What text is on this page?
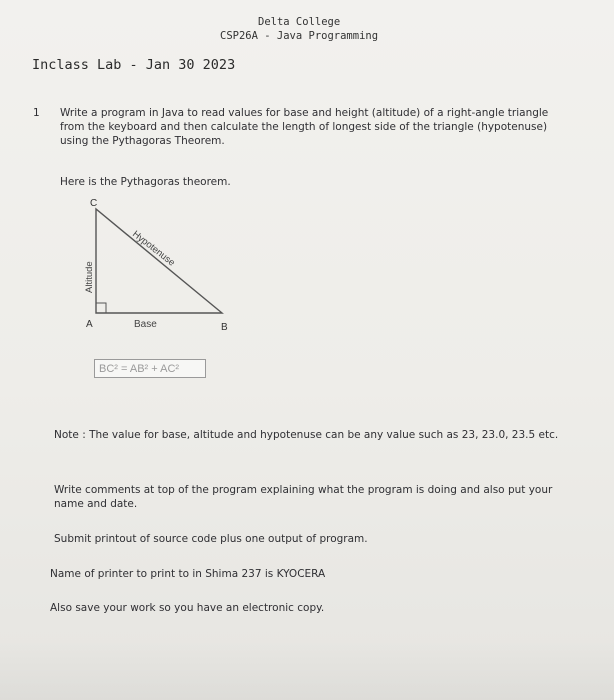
Delta College
CSP26A - Java Programming
Inclass Lab - Jan 30 2023
1 Write a program in Java to read values for base and height (altitude) of a right-angle triangle from the keyboard and then calculate the length of longest side of the triangle (hypotenuse) using the Pythagoras Theorem.
Here is the Pythagoras theorem.
C
A	B
Base
Altitude
Hypotenuse
BC² = AB² + AC²
Note : The value for base, altitude and hypotenuse can be any value such as 23, 23.0, 23.5 etc.
Write comments at top of the program explaining what the program is doing and also put your name and date.
Submit printout of source code plus one output of program.
Name of printer to print to in Shima 237 is KYOCERA
Also save your work so you have an electronic copy.
